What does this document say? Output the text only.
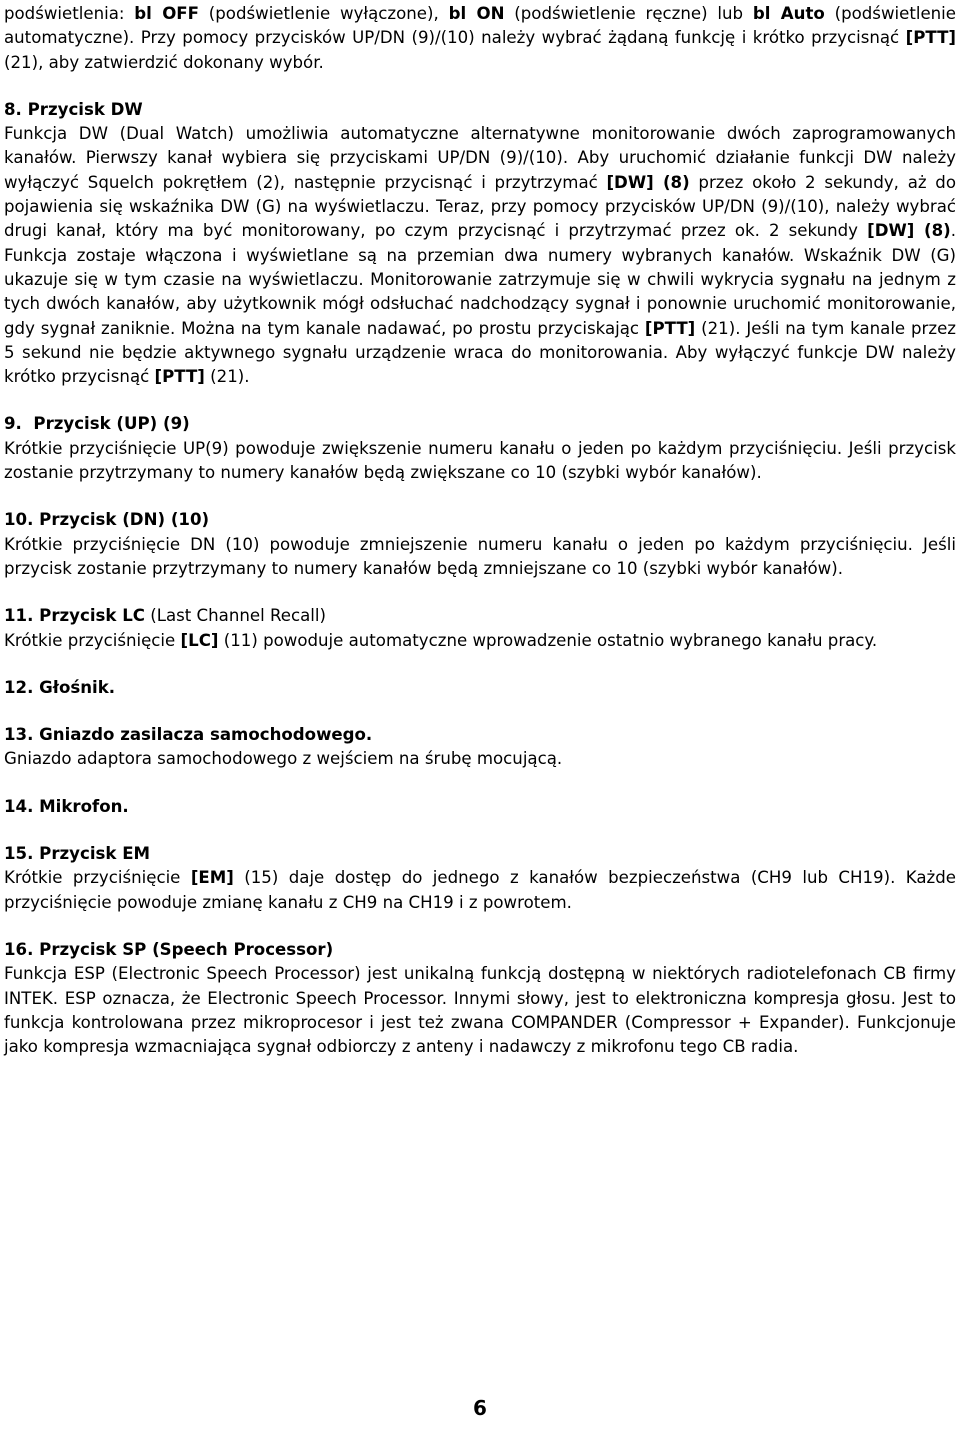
podświetlenia: bl OFF (podświetlenie wyłączone), bl ON (podświetlenie ręczne) lub bl Auto (podświetlenie automatyczne). Przy pomocy przycisków UP/DN (9)/(10) należy wybrać żądaną funkcję i krótko przycisnąć [PTT] (21), aby zatwierdzić dokonany wybór.

8. Przycisk DW

Funkcja DW (Dual Watch) umożliwia automatyczne alternatywne monitorowanie dwóch zaprogramowanych kanałów. Pierwszy kanał wybiera się przyciskami UP/DN (9)/(10). Aby uruchomić działanie funkcji DW należy wyłączyć Squelch pokrętłem (2), następnie przycisnąć i przytrzymać [DW] (8) przez około 2 sekundy, aż do pojawienia się wskaźnika DW (G) na wyświetlaczu. Teraz, przy pomocy przycisków UP/DN (9)/(10), należy wybrać drugi kanał, który ma być monitorowany, po czym przycisnąć i przytrzymać przez ok. 2 sekundy [DW] (8). Funkcja zostaje włączona i wyświetlane są na przemian dwa numery wybranych kanałów. Wskaźnik DW (G) ukazuje się w tym czasie na wyświetlaczu. Monitorowanie zatrzymuje się w chwili wykrycia sygnału na jednym z tych dwóch kanałów, aby użytkownik mógł odsłuchać nadchodzący sygnał i ponownie uruchomić monitorowanie, gdy sygnał zaniknie. Można na tym kanale nadawać, po prostu przyciskając [PTT] (21). Jeśli na tym kanale przez 5 sekund nie będzie aktywnego sygnału urządzenie wraca do monitorowania. Aby wyłączyć funkcje DW należy krótko przycisnąć [PTT] (21).

9.  Przycisk (UP) (9)

Krótkie przyciśnięcie UP(9) powoduje zwiększenie numeru kanału o jeden po każdym przyciśnięciu. Jeśli przycisk zostanie przytrzymany to numery kanałów będą zwiększane co 10 (szybki wybór kanałów).

10. Przycisk (DN) (10)

Krótkie przyciśnięcie DN (10) powoduje zmniejszenie numeru kanału o jeden po każdym przyciśnięciu. Jeśli przycisk zostanie przytrzymany to numery kanałów będą zmniejszane co 10 (szybki wybór kanałów).

11. Przycisk LC (Last Channel Recall)

Krótkie przyciśnięcie [LC] (11) powoduje automatyczne wprowadzenie ostatnio wybranego kanału pracy.

12. Głośnik.
13. Gniazdo zasilacza samochodowego.

Gniazdo adaptora samochodowego z wejściem na śrubę mocującą.

14. Mikrofon.
15. Przycisk EM

Krótkie przyciśnięcie [EM] (15) daje dostęp do jednego z kanałów bezpieczeństwa (CH9 lub CH19). Każde przyciśnięcie powoduje zmianę kanału z CH9 na CH19 i z powrotem.

16. Przycisk SP (Speech Processor)

Funkcja ESP (Electronic Speech Processor) jest unikalną funkcją dostępną w niektórych radiotelefonach CB firmy INTEK. ESP oznacza, że Electronic Speech Processor. Innymi słowy, jest to elektroniczna kompresja głosu. Jest to funkcja kontrolowana przez mikroprocesor i jest też zwana COMPANDER (Compressor + Expander). Funkcjonuje jako kompresja wzmacniająca sygnał odbiorczy z anteny i nadawczy z mikrofonu tego CB radia.

6
